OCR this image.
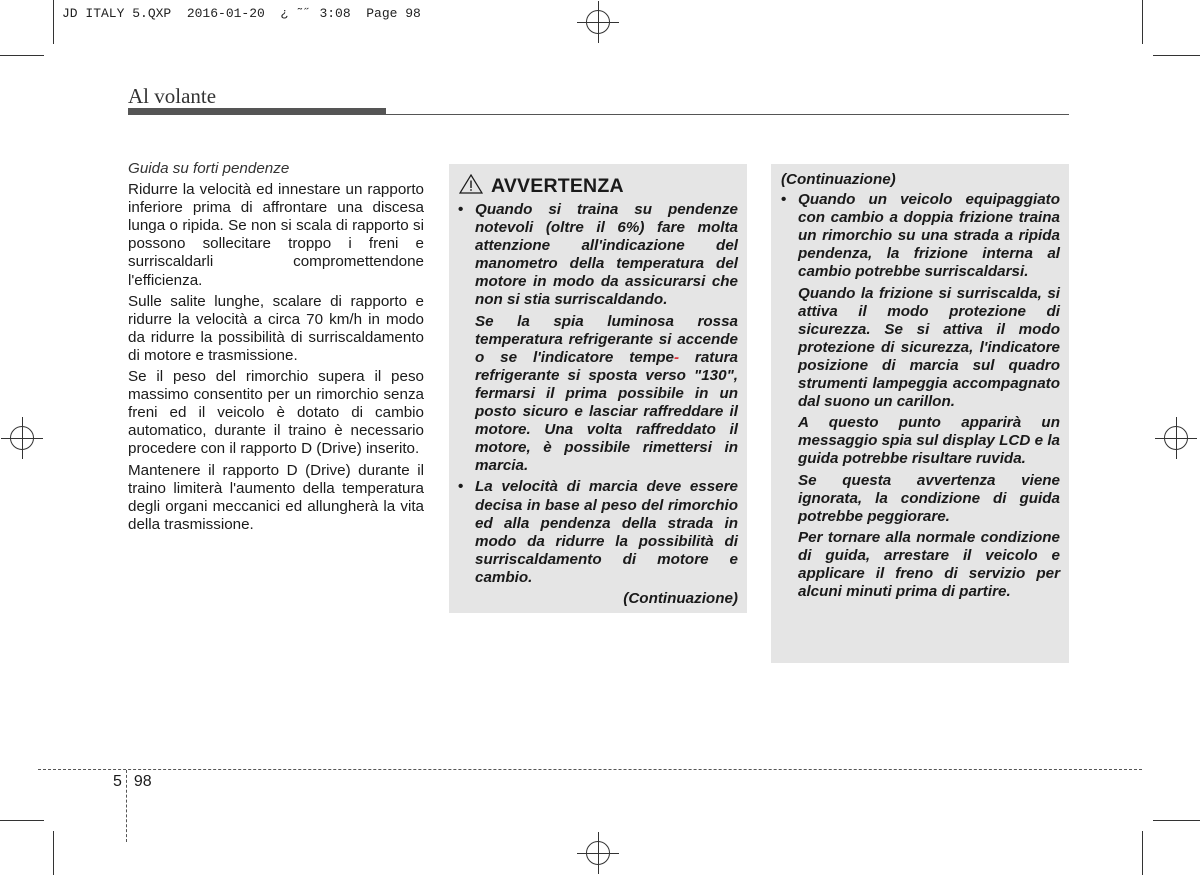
JD ITALY 5.QXP  2016-01-20  ¿ ˜˝ 3:08  Page 98
Al volante
Guida su forti pendenze

Ridurre la velocità ed innestare un rapporto inferiore prima di affrontare una discesa lunga o ripida. Se non si scala di rapporto si possono sollecitare troppo i freni e surriscaldarli compromettendone l'efficienza.

Sulle salite lunghe, scalare di rapporto e ridurre la velocità a circa 70 km/h in modo da ridurre la possibilità di surriscaldamento di motore e trasmissione.

Se il peso del rimorchio supera il peso massimo consentito per un rimorchio senza freni ed il veicolo è dotato di cambio automatico, durante il traino è necessario procedere con il rapporto D (Drive) inserito.

Mantenere il rapporto D (Drive) durante il traino limiterà l'aumento della temperatura degli organi meccanici ed allungherà la vita della trasmissione.

AVVERTENZA

• Quando si traina su pendenze notevoli (oltre il 6%) fare molta attenzione all'indicazione del manometro della temperatura del motore in modo da assicurarsi che non si stia surriscaldando.

Se la spia luminosa rossa temperatura refrigerante si accende o se l'indicatore tempe- ratura refrigerante si sposta verso "130", fermarsi il prima possibile in un posto sicuro e lasciar raffreddare il motore. Una volta raffreddato il motore, è possibile rimettersi in marcia.

• La velocità di marcia deve essere decisa in base al peso del rimorchio ed alla pendenza della strada in modo da ridurre la possibilità di surriscaldamento di motore e cambio.

(Continuazione)

(Continuazione)

• Quando un veicolo equipaggiato con cambio a doppia frizione traina un rimorchio su una strada a ripida pendenza, la frizione interna al cambio potrebbe surriscaldarsi.

Quando la frizione si surriscalda, si attiva il modo protezione di sicurezza. Se si attiva il modo protezione di sicurezza, l'indicatore posizione di marcia sul quadro strumenti lampeggia accompagnato dal suono un carillon.

A questo punto apparirà un messaggio spia sul display LCD e la guida potrebbe risultare ruvida.

Se questa avvertenza viene ignorata, la condizione di guida potrebbe peggiorare.

Per tornare alla normale condizione di guida, arrestare il veicolo e applicare il freno di servizio per alcuni minuti prima di partire.

5 98
